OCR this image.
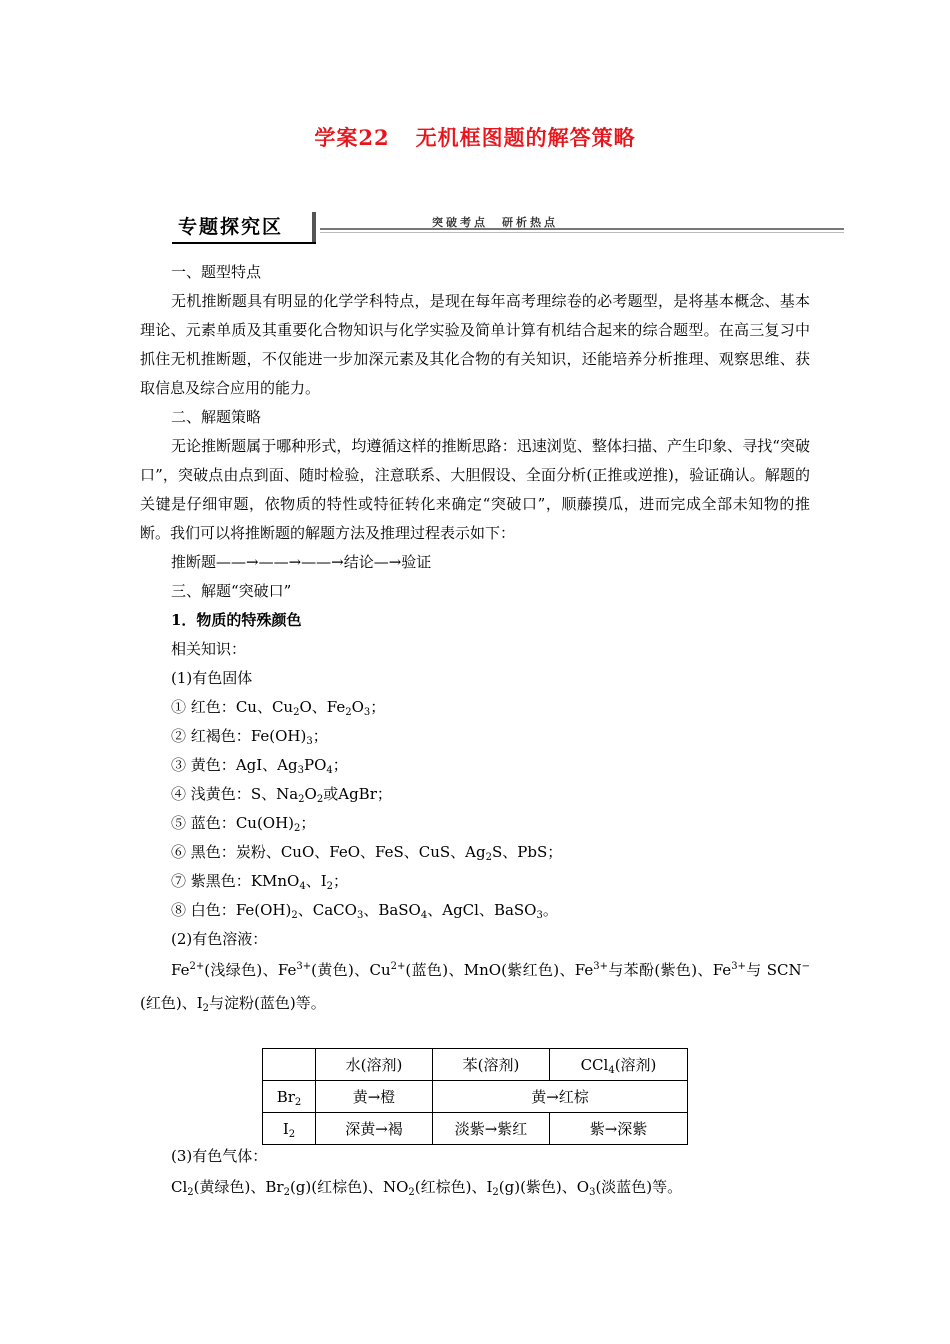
学案22 无机框图题的解答策略
专题探究区	突破考点 研析热点

一、题型特点

无机推断题具有明显的化学学科特点，是现在每年高考理综卷的必考题型，是将基本概念、基本理论、元素单质及其重要化合物知识与化学实验及简单计算有机结合起来的综合题型。在高三复习中抓住无机推断题，不仅能进一步加深元素及其化合物的有关知识，还能培养分析推理、观察思维、获取信息及综合应用的能力。

二、解题策略

无论推断题属于哪种形式，均遵循这样的推断思路：迅速浏览、整体扫描、产生印象、寻找“突破口”，突破点由点到面、随时检验，注意联系、大胆假设、全面分析(正推或逆推)，验证确认。解题的关键是仔细审题，依物质的特性或特征转化来确定“突破口”，顺藤摸瓜，进而完成全部未知物的推断。我们可以将推断题的解题方法及推理过程表示如下：

推断题——→——→——→结论—→验证

三、解题“突破口”

1．物质的特殊颜色

相关知识：

(1)有色固体

① 红色：Cu、$Cu_2O$、$Fe_2O_3$；

② 红褐色：$Fe(OH)_3$；

③ 黄色：AgI、$Ag_3PO_4$；

④ 浅黄色：S、$Na_2O_2$或AgBr；

⑤ 蓝色：$Cu(OH)_2$；

⑥ 黑色：炭粉、CuO、FeO、FeS、CuS、$Ag_2S$、PbS；

⑦ 紫黑色：KMnO$_4$、$I_2$；

⑧ 白色：$Fe(OH)_2$、CaCO$_3$、BaSO$_4$、AgCl、BaSO$_3$。

(2)有色溶液：

$Fe^{2+}$(浅绿色)、$Fe^{3+}$(黄色)、$Cu^{2+}$(蓝色)、MnO(紫红色)、$Fe^{3+}$与苯酚(紫色)、$Fe^{3+}$与 SCN−(红色)、$I_2$与淀粉(蓝色)等。

	水(溶剂)	苯(溶剂)	CCl$_4$(溶剂)
$Br_2$	黄→橙	黄→红棕	
$I_2$	深黄→褐	淡紫→紫红	紫→深紫

(3)有色气体：

$Cl_2$(黄绿色)、$Br_2(g)$(红棕色)、$NO_2$(红棕色)、$I_2(g)$(紫色)、$O_3$(淡蓝色)等。
